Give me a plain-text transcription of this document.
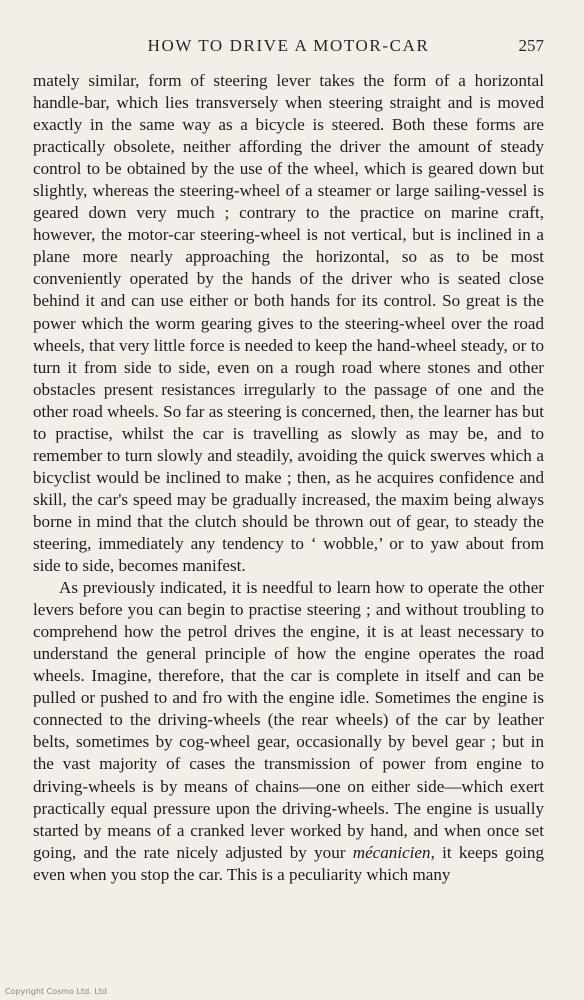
HOW TO DRIVE A MOTOR-CAR	257

mately similar, form of steering lever takes the form of a horizontal handle-bar, which lies transversely when steering straight and is moved exactly in the same way as a bicycle is steered. Both these forms are practically obsolete, neither affording the driver the amount of steady control to be obtained by the use of the wheel, which is geared down but slightly, whereas the steering-wheel of a steamer or large sailing-vessel is geared down very much ; contrary to the practice on marine craft, however, the motor-car steering-wheel is not vertical, but is inclined in a plane more nearly approaching the horizontal, so as to be most conveniently operated by the hands of the driver who is seated close behind it and can use either or both hands for its control. So great is the power which the worm gearing gives to the steering-wheel over the road wheels, that very little force is needed to keep the hand-wheel steady, or to turn it from side to side, even on a rough road where stones and other obstacles present resistances irregularly to the passage of one and the other road wheels. So far as steering is concerned, then, the learner has but to practise, whilst the car is travelling as slowly as may be, and to remember to turn slowly and steadily, avoiding the quick swerves which a bicyclist would be inclined to make ; then, as he acquires confidence and skill, the car's speed may be gradually increased, the maxim being always borne in mind that the clutch should be thrown out of gear, to steady the steering, immediately any tendency to ‘ wobble,’ or to yaw about from side to side, becomes manifest.

As previously indicated, it is needful to learn how to operate the other levers before you can begin to practise steering ; and without troubling to comprehend how the petrol drives the engine, it is at least necessary to understand the general principle of how the engine operates the road wheels. Imagine, therefore, that the car is complete in itself and can be pulled or pushed to and fro with the engine idle. Sometimes the engine is connected to the driving-wheels (the rear wheels) of the car by leather belts, sometimes by cog-wheel gear, occasionally by bevel gear ; but in the vast majority of cases the transmission of power from engine to driving-wheels is by means of chains—one on either side—which exert practically equal pressure upon the driving-wheels. The engine is usually started by means of a cranked lever worked by hand, and when once set going, and the rate nicely adjusted by your mécanicien, it keeps going even when you stop the car. This is a peculiarity which many

Copyright Cosmo Ltd. Ltd
